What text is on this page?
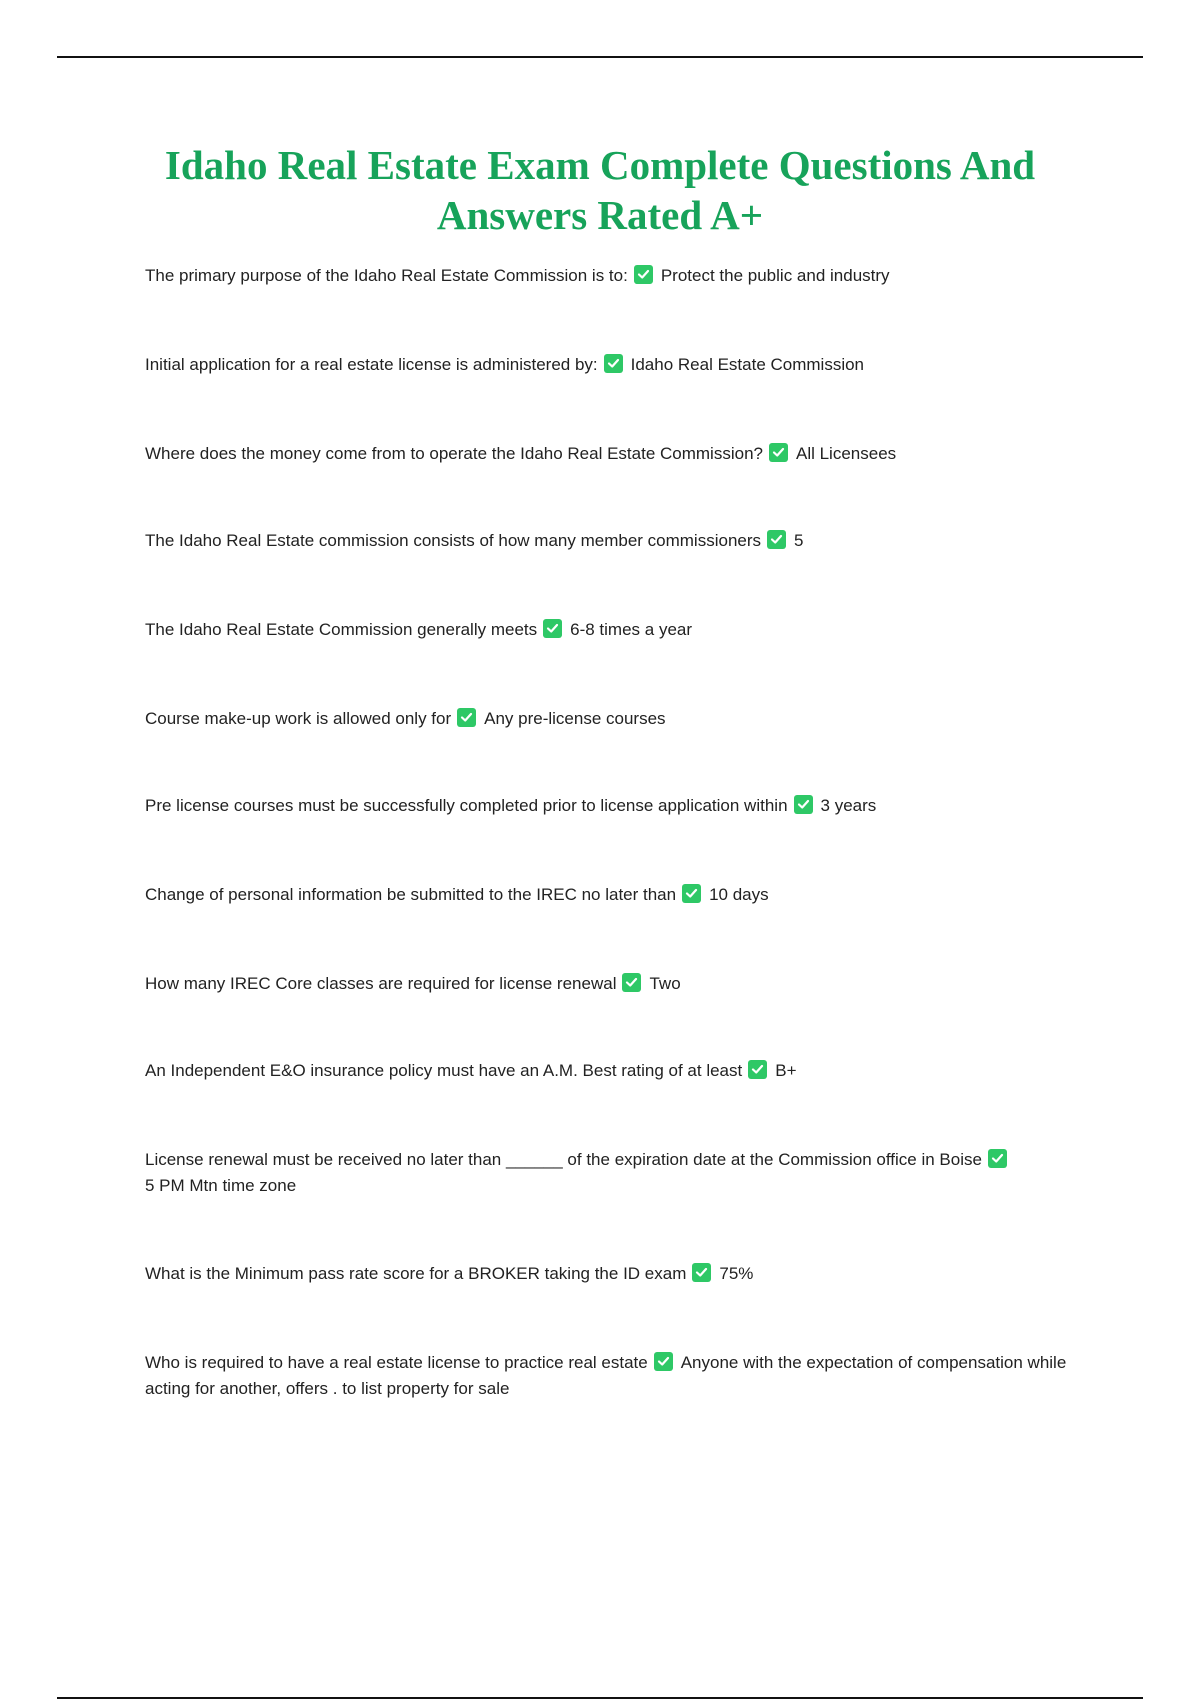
Idaho Real Estate Exam Complete Questions And Answers Rated A+
The primary purpose of the Idaho Real Estate Commission is to: Protect the public and industry
Initial application for a real estate license is administered by: Idaho Real Estate Commission
Where does the money come from to operate the Idaho Real Estate Commission? All Licensees
The Idaho Real Estate commission consists of how many member commissioners 5
The Idaho Real Estate Commission generally meets 6-8 times a year
Course make-up work is allowed only for Any pre-license courses
Pre license courses must be successfully completed prior to license application within 3 years
Change of personal information be submitted to the IREC no later than 10 days
How many IREC Core classes are required for license renewal Two
An Independent E&O insurance policy must have an A.M. Best rating of at least B+
License renewal must be received no later than ______ of the expiration date at the Commission office in Boise

5 PM Mtn time zone
What is the Minimum pass rate score for a BROKER taking the ID exam 75%
Who is required to have a real estate license to practice real estate Anyone with the expectation of compensation while acting for another, offers . to list property for sale
